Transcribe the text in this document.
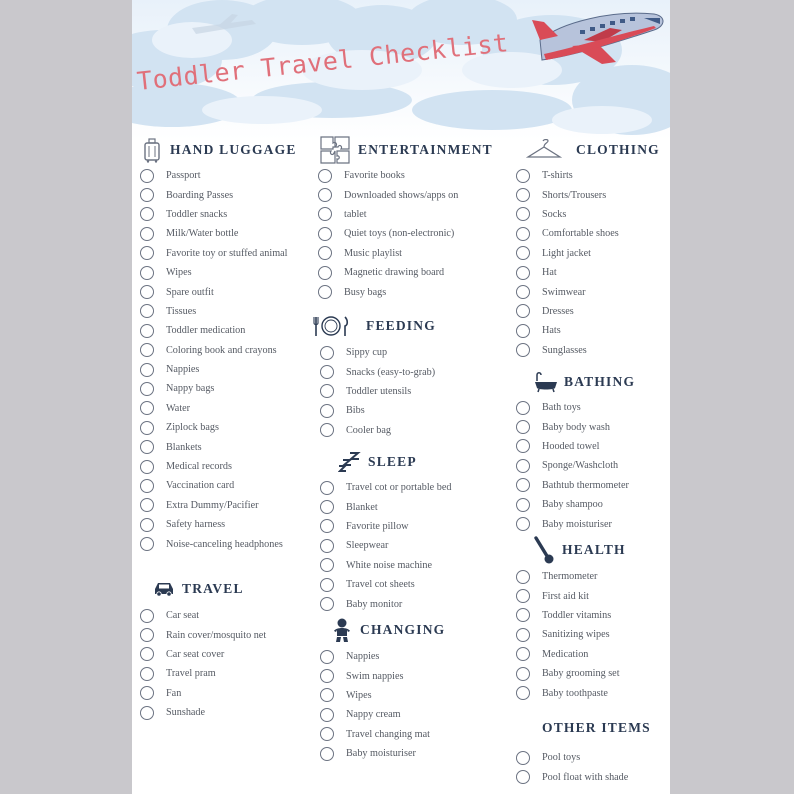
Toddler Travel Checklist
HAND LUGGAGE
Passport
Boarding Passes
Toddler snacks
Milk/Water bottle
Favorite toy or stuffed animal
Wipes
Spare outfit
Tissues
Toddler medication
Coloring book and crayons
Nappies
Nappy bags
Water
Ziplock bags
Blankets
Medical records
Vaccination card
Extra Dummy/Pacifier
Safety harness
Noise-canceling headphones
TRAVEL
Car seat
Rain cover/mosquito net
Car seat cover
Travel pram
Fan
Sunshade
ENTERTAINMENT
Favorite books
Downloaded shows/apps on
tablet
Quiet toys (non-electronic)
Music playlist
Magnetic drawing board
Busy bags
FEEDING
Sippy cup
Snacks (easy-to-grab)
Toddler utensils
Bibs
Cooler bag
SLEEP
Travel cot or portable bed
Blanket
Favorite pillow
Sleepwear
White noise machine
Travel cot sheets
Baby monitor
CHANGING
Nappies
Swim nappies
Wipes
Nappy cream
Travel changing mat
Baby moisturiser
CLOTHING
T-shirts
Shorts/Trousers
Socks
Comfortable shoes
Light jacket
Hat
Swimwear
Dresses
Hats
Sunglasses
BATHING
Bath toys
Baby body wash
Hooded towel
Sponge/Washcloth
Bathtub thermometer
Baby shampoo
Baby moisturiser
HEALTH
Thermometer
First aid kit
Toddler vitamins
Sanitizing wipes
Medication
Baby grooming set
Baby toothpaste
OTHER ITEMS
Pool toys
Pool float with shade
